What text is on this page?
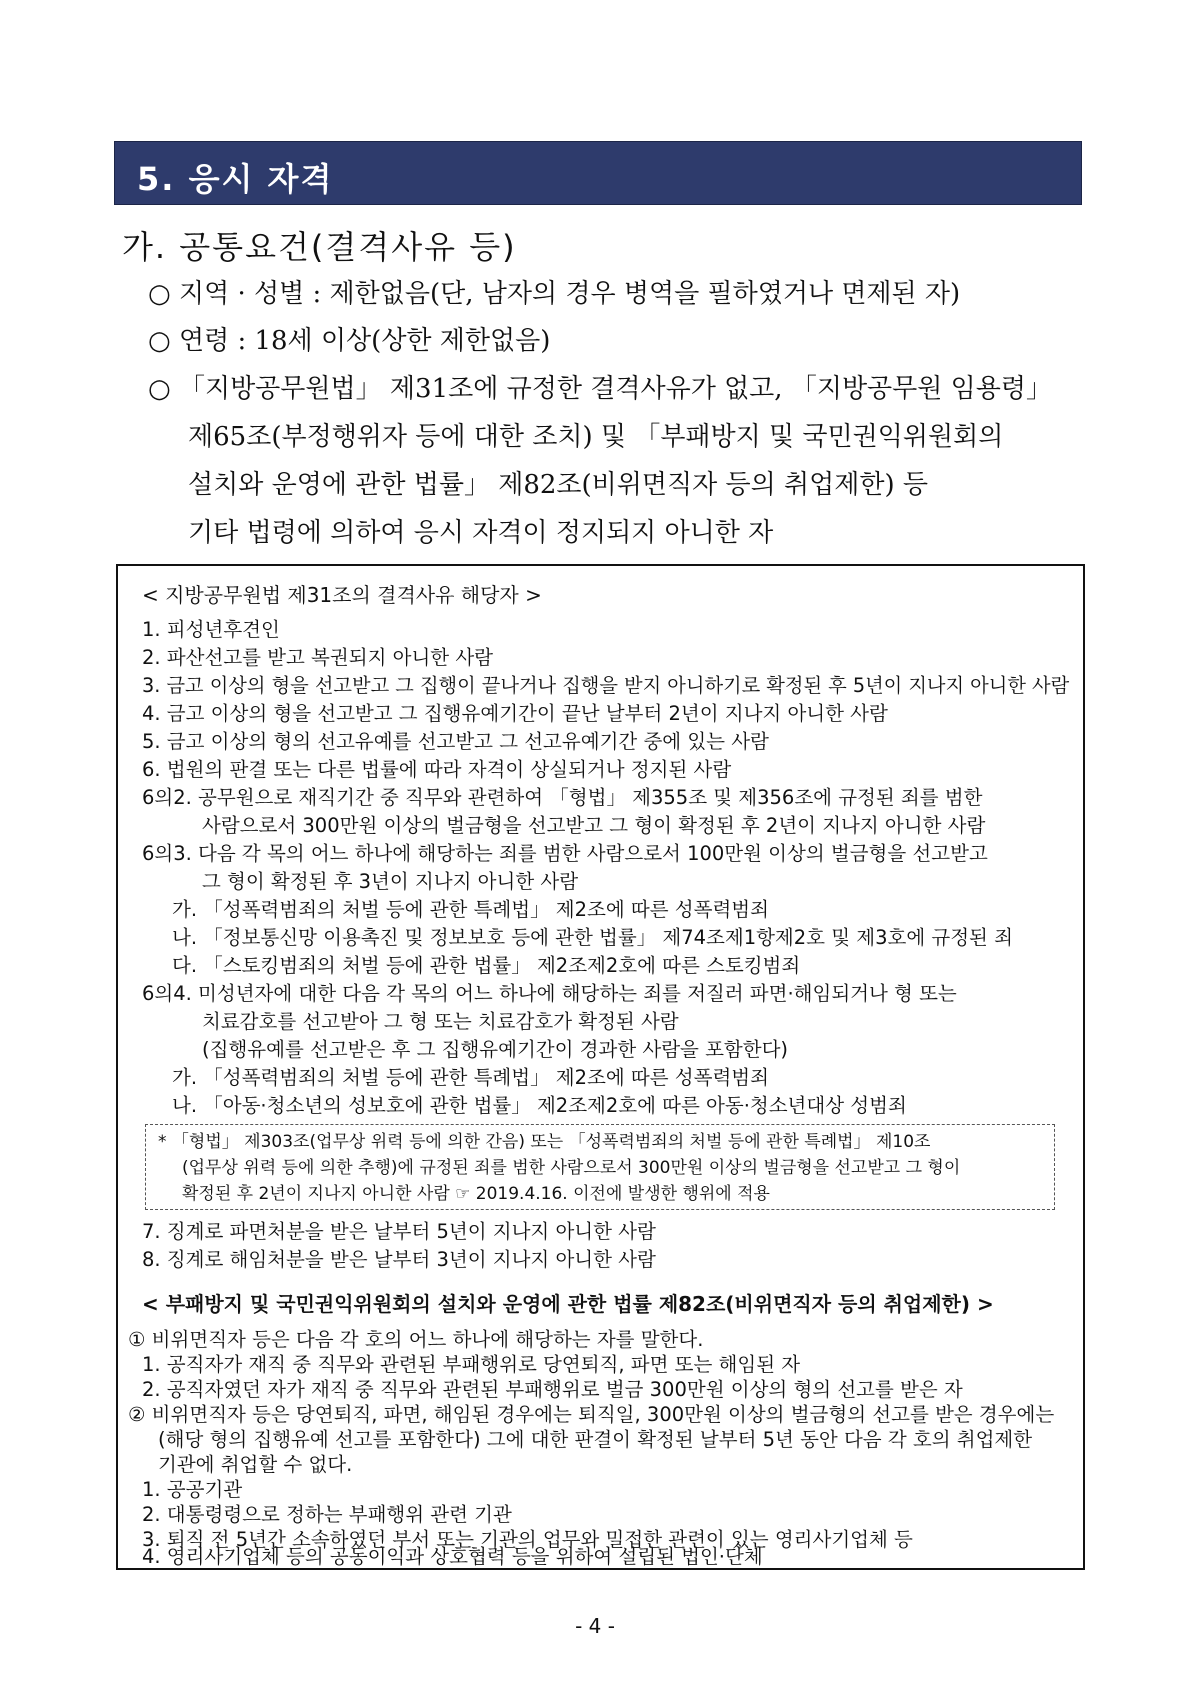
5. 응시 자격
가. 공통요건(결격사유 등)
○ 지역 · 성별 : 제한없음(단, 남자의 경우 병역을 필하였거나 면제된 자)
○ 연령 : 18세 이상(상한 제한없음)
○ 「지방공무원법」 제31조에 규정한 결격사유가 없고, 「지방공무원 임용령」
제65조(부정행위자 등에 대한 조치) 및 「부패방지 및 국민권익위원회의
설치와 운영에 관한 법률」 제82조(비위면직자 등의 취업제한) 등
기타 법령에 의하여 응시 자격이 정지되지 아니한 자
< 지방공무원법 제31조의 결격사유 해당자 >
1. 피성년후견인
2. 파산선고를 받고 복권되지 아니한 사람
3. 금고 이상의 형을 선고받고 그 집행이 끝나거나 집행을 받지 아니하기로 확정된 후 5년이 지나지 아니한 사람
4. 금고 이상의 형을 선고받고 그 집행유예기간이 끝난 날부터 2년이 지나지 아니한 사람
5. 금고 이상의 형의 선고유예를 선고받고 그 선고유예기간 중에 있는 사람
6. 법원의 판결 또는 다른 법률에 따라 자격이 상실되거나 정지된 사람
6의2. 공무원으로 재직기간 중 직무와 관련하여 「형법」 제355조 및 제356조에 규정된 죄를 범한
사람으로서 300만원 이상의 벌금형을 선고받고 그 형이 확정된 후 2년이 지나지 아니한 사람
6의3. 다음 각 목의 어느 하나에 해당하는 죄를 범한 사람으로서 100만원 이상의 벌금형을 선고받고
그 형이 확정된 후 3년이 지나지 아니한 사람
가. 「성폭력범죄의 처벌 등에 관한 특례법」 제2조에 따른 성폭력범죄
나. 「정보통신망 이용촉진 및 정보보호 등에 관한 법률」 제74조제1항제2호 및 제3호에 규정된 죄
다. 「스토킹범죄의 처벌 등에 관한 법률」 제2조제2호에 따른 스토킹범죄
6의4. 미성년자에 대한 다음 각 목의 어느 하나에 해당하는 죄를 저질러 파면·해임되거나 형 또는
치료감호를 선고받아 그 형 또는 치료감호가 확정된 사람
(집행유예를 선고받은 후 그 집행유예기간이 경과한 사람을 포함한다)
가. 「성폭력범죄의 처벌 등에 관한 특례법」 제2조에 따른 성폭력범죄
나. 「아동·청소년의 성보호에 관한 법률」 제2조제2호에 따른 아동·청소년대상 성범죄
* 「형법」 제303조(업무상 위력 등에 의한 간음) 또는 「성폭력범죄의 처벌 등에 관한 특례법」 제10조
(업무상 위력 등에 의한 추행)에 규정된 죄를 범한 사람으로서 300만원 이상의 벌금형을 선고받고 그 형이
확정된 후 2년이 지나지 아니한 사람 ☞ 2019.4.16. 이전에 발생한 행위에 적용
7. 징계로 파면처분을 받은 날부터 5년이 지나지 아니한 사람
8. 징계로 해임처분을 받은 날부터 3년이 지나지 아니한 사람
< 부패방지 및 국민권익위원회의 설치와 운영에 관한 법률 제82조(비위면직자 등의 취업제한) >
① 비위면직자 등은 다음 각 호의 어느 하나에 해당하는 자를 말한다.
1. 공직자가 재직 중 직무와 관련된 부패행위로 당연퇴직, 파면 또는 해임된 자
2. 공직자였던 자가 재직 중 직무와 관련된 부패행위로 벌금 300만원 이상의 형의 선고를 받은 자
② 비위면직자 등은 당연퇴직, 파면, 해임된 경우에는 퇴직일, 300만원 이상의 벌금형의 선고를 받은 경우에는
(해당 형의 집행유예 선고를 포함한다) 그에 대한 판결이 확정된 날부터 5년 동안 다음 각 호의 취업제한
기관에 취업할 수 없다.
1. 공공기관
2. 대통령령으로 정하는 부패행위 관련 기관
3. 퇴직 전 5년간 소속하였던 부서 또는 기관의 업무와 밀접한 관련이 있는 영리사기업체 등
4. 영리사기업체 등의 공동이익과 상호협력 등을 위하여 설립된 법인·단체
- 4 -
